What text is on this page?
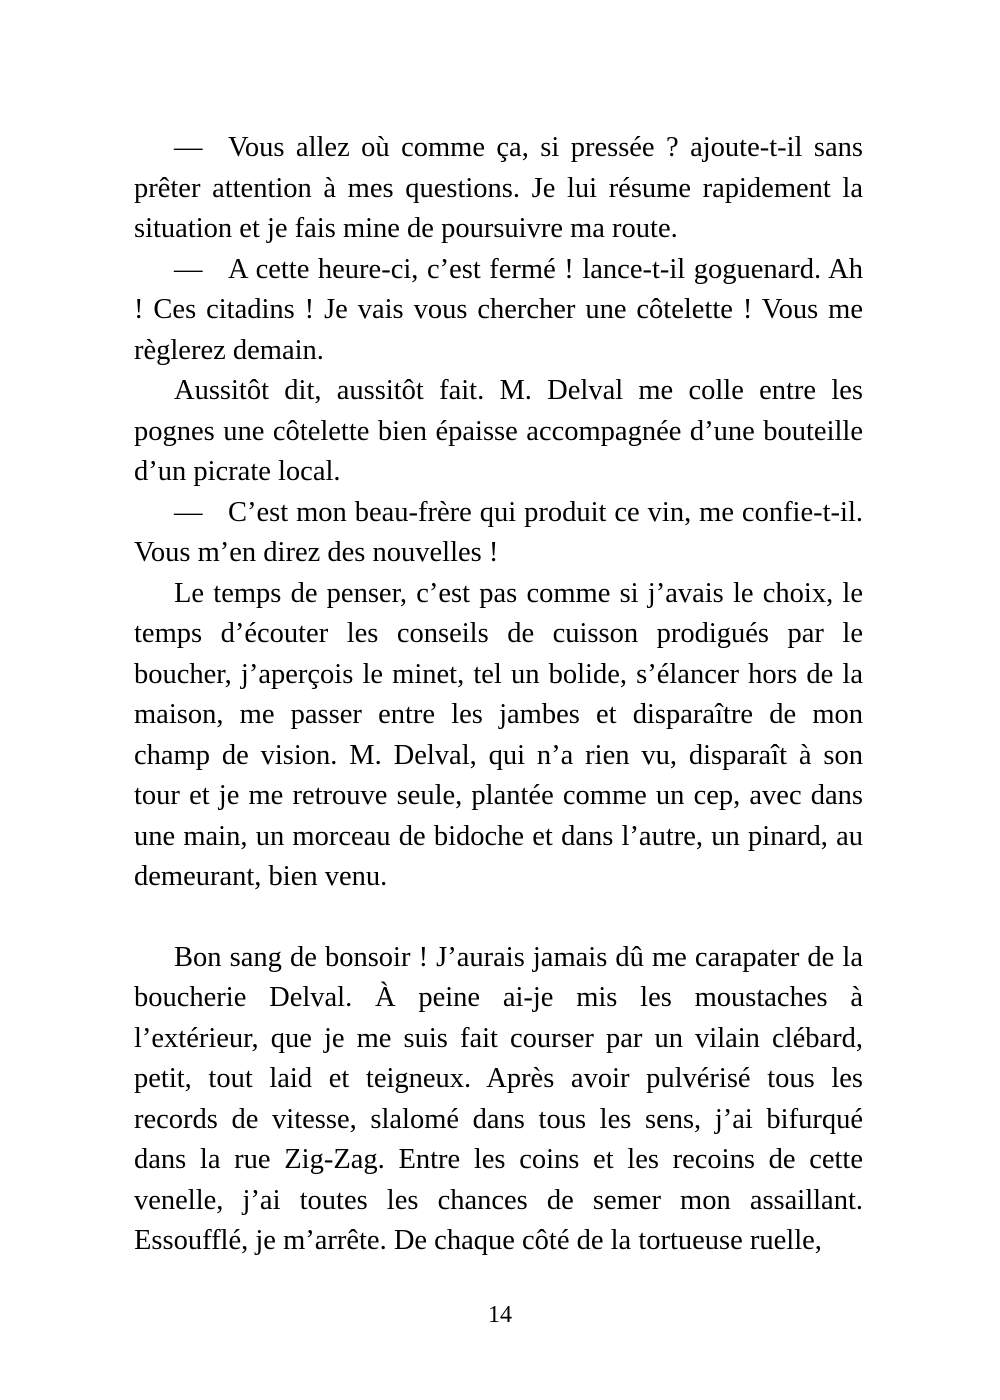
— Vous allez où comme ça, si pressée ? ajoute-t-il sans prêter attention à mes questions. Je lui résume rapidement la situation et je fais mine de poursuivre ma route.

— A cette heure-ci, c’est fermé ! lance-t-il goguenard. Ah ! Ces citadins ! Je vais vous chercher une côtelette ! Vous me règlerez demain.

Aussitôt dit, aussitôt fait. M. Delval me colle entre les pognes une côtelette bien épaisse accompagnée d’une bouteille d’un picrate local.

— C’est mon beau-frère qui produit ce vin, me confie-t-il. Vous m’en direz des nouvelles !

Le temps de penser, c’est pas comme si j’avais le choix, le temps d’écouter les conseils de cuisson prodigués par le boucher, j’aperçois le minet, tel un bolide, s’élancer hors de la maison, me passer entre les jambes et disparaître de mon champ de vision. M. Delval, qui n’a rien vu, disparaît à son tour et je me retrouve seule, plantée comme un cep, avec dans une main, un morceau de bidoche et dans l’autre, un pinard, au demeurant, bien venu.

Bon sang de bonsoir ! J’aurais jamais dû me carapater de la boucherie Delval. À peine ai-je mis les moustaches à l’extérieur, que je me suis fait courser par un vilain clébard, petit, tout laid et teigneux. Après avoir pulvérisé tous les records de vitesse, slalomé dans tous les sens, j’ai bifurqué dans la rue Zig-Zag. Entre les coins et les recoins de cette venelle, j’ai toutes les chances de semer mon assaillant. Essoufflé, je m’arrête. De chaque côté de la tortueuse ruelle,

14
